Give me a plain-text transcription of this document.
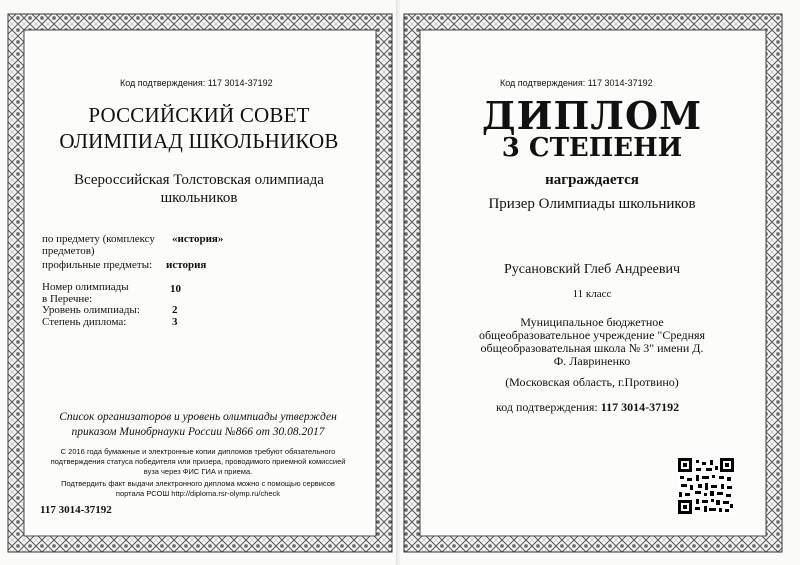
Код подтверждения: 117 3014-37192
РОССИЙСКИЙ СОВЕТ
ОЛИМПИАД ШКОЛЬНИКОВ
Всероссийская Толстовская олимпиада
школьников
по предмету (комплексу
предметов)
«история»
профильные предметы: история
Номер олимпиады
в Перечне:
10
Уровень олимпиады:	2
Степень диплома:	3
Список организаторов и уровень олимпиады утвержден
приказом Минобрнауки России №866 от 30.08.2017
С 2016 года бумажные и электронные копии дипломов требуют обязательного
подтверждения статуса победителя или призера, проводимого приемной комиссией
вуза через ФИС ГИА и приема.
Подтвердить факт выдачи электронного диплома можно с помощью сервисов
портала РСОШ http://diploma.rsr-olymp.ru/check
117 3014-37192
Код подтверждения: 117 3014-37192
ДИПЛОМ
3 СТЕПЕНИ
награждается
Призер Олимпиады школьников
Русановский Глеб Андреевич
11 класс
Муниципальное бюджетное
общеобразовательное учреждение "Средняя
общеобразовательная школа № 3" имени Д.
Ф. Лавриненко
(Московская область, г.Протвино)
код подтверждения: 117 3014-37192
